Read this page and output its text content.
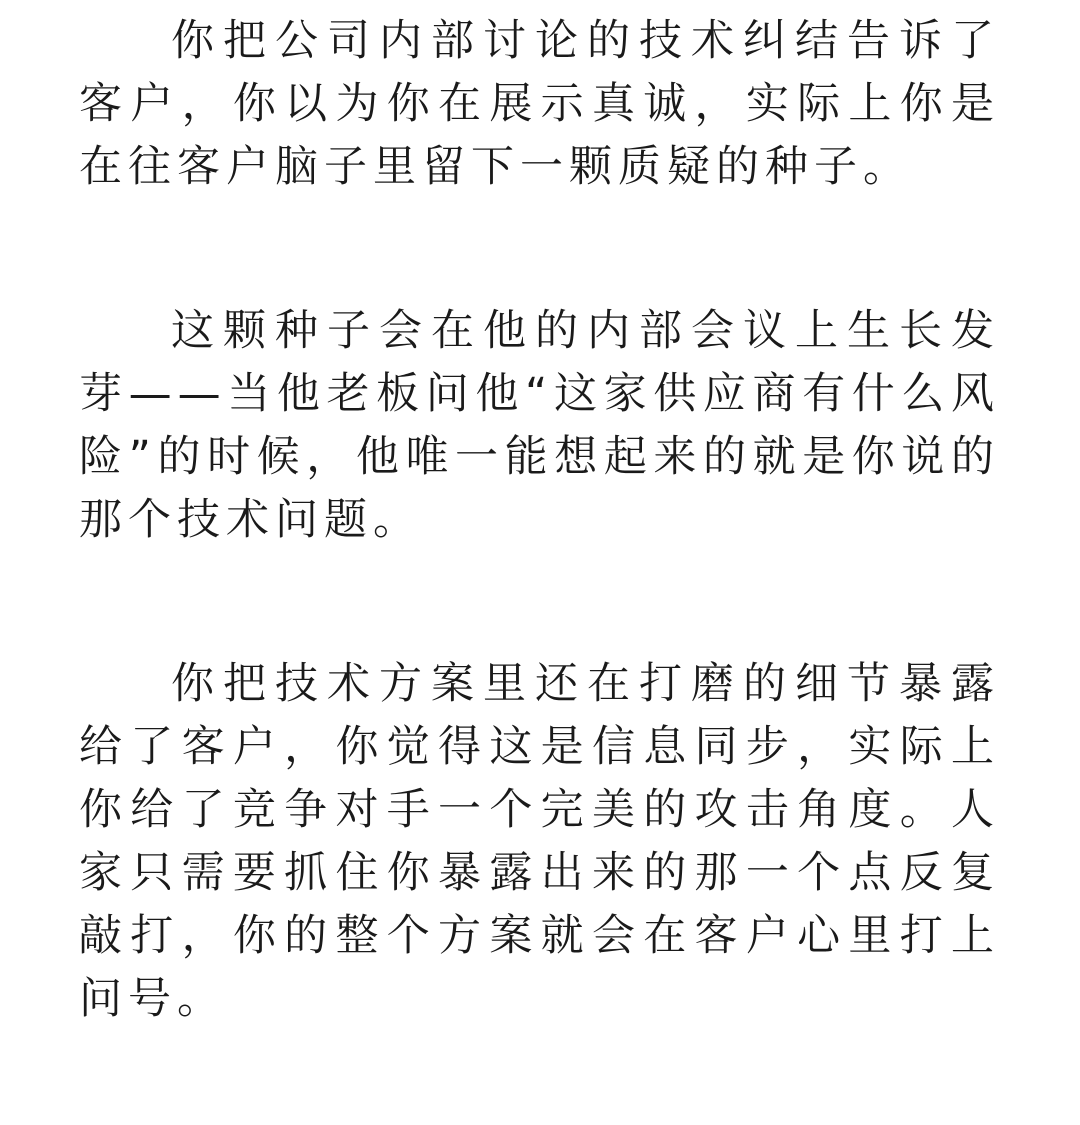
你把公司内部讨论的技术纠结告诉了客户，你以为你在展示真诚，实际上你是在往客户脑子里留下一颗质疑的种子。

这颗种子会在他的内部会议上生长发芽——当他老板问他“这家供应商有什么风险”的时候，他唯一能想起来的就是你说的那个技术问题。

你把技术方案里还在打磨的细节暴露给了客户，你觉得这是信息同步，实际上你给了竞争对手一个完美的攻击角度。人家只需要抓住你暴露出来的那一个点反复敲打，你的整个方案就会在客户心里打上问号。
